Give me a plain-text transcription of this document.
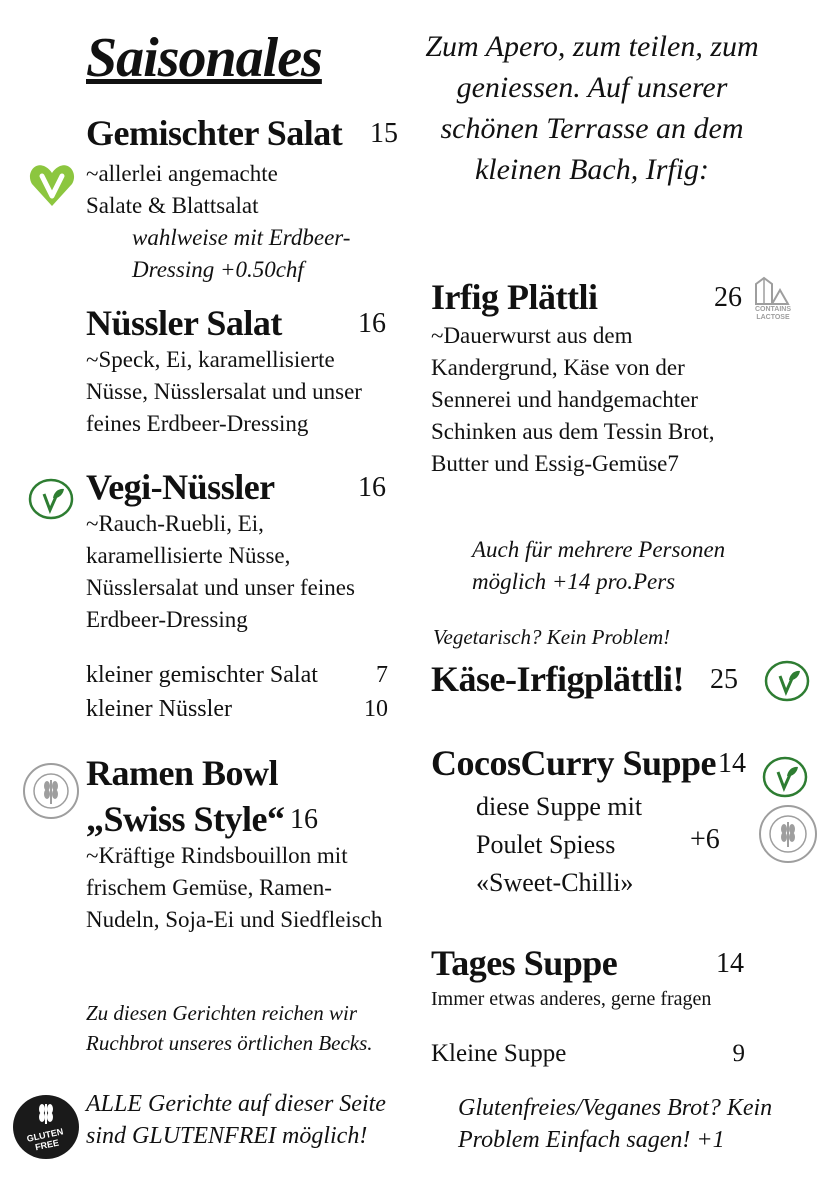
Saisonales
Gemischter Salat 15
~allerlei angemachte Salate & Blattsalat
wahlweise mit Erdbeer-Dressing +0.50chf
Nüssler Salat	16
~Speck, Ei, karamellisierte Nüsse, Nüsslersalat und unser feines Erdbeer-Dressing
Vegi-Nüssler	16
~Rauch-Ruebli, Ei, karamellisierte Nüsse, Nüsslersalat und unser feines Erdbeer-Dressing
kleiner gemischter Salat 7
kleiner Nüssler	10
Ramen Bowl
„Swiss Style“ 16
~Kräftige Rindsbouillon mit frischem Gemüse, Ramen-Nudeln, Soja-Ei und Siedfleisch
Zu diesen Gerichten reichen wir Ruchbrot unseres örtlichen Becks.
GLUTEN FREE
ALLE Gerichte auf dieser Seite sind GLUTENFREI möglich!
Zum Apero, zum teilen, zum geniessen. Auf unserer schönen Terrasse an dem kleinen Bach, Irfig:
Irfig Plättli	26	CONTAINS LACTOSE
~Dauerwurst aus dem Kandergrund, Käse von der Sennerei und handgemachter Schinken aus dem Tessin Brot, Butter und Essig-Gemüse7
Auch für mehrere Personen möglich +14 pro.Pers
Vegetarisch? Kein Problem!
Käse-Irfigplättli! 25
CocosCurry Suppe 14
diese Suppe mit Poulet Spiess «Sweet-Chilli»
+6
Tages Suppe	14
Immer etwas anderes, gerne fragen
Kleine Suppe	9
Glutenfreies/Veganes Brot? Kein Problem Einfach sagen! +1
